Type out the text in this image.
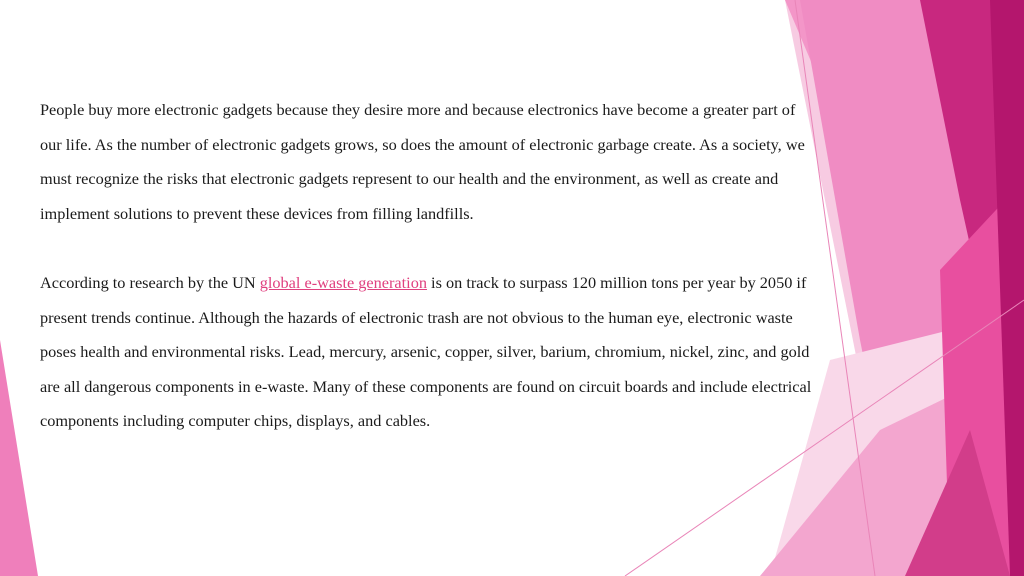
People buy more electronic gadgets because they desire more and because electronics have become a greater part of our life. As the number of electronic gadgets grows, so does the amount of electronic garbage create. As a society, we must recognize the risks that electronic gadgets represent to our health and the environment, as well as create and implement solutions to prevent these devices from filling landfills.

According to research by the UN global e-waste generation is on track to surpass 120 million tons per year by 2050 if present trends continue. Although the hazards of electronic trash are not obvious to the human eye, electronic waste poses health and environmental risks. Lead, mercury, arsenic, copper, silver, barium, chromium, nickel, zinc, and gold are all dangerous components in e-waste. Many of these components are found on circuit boards and include electrical components including computer chips, displays, and cables.
